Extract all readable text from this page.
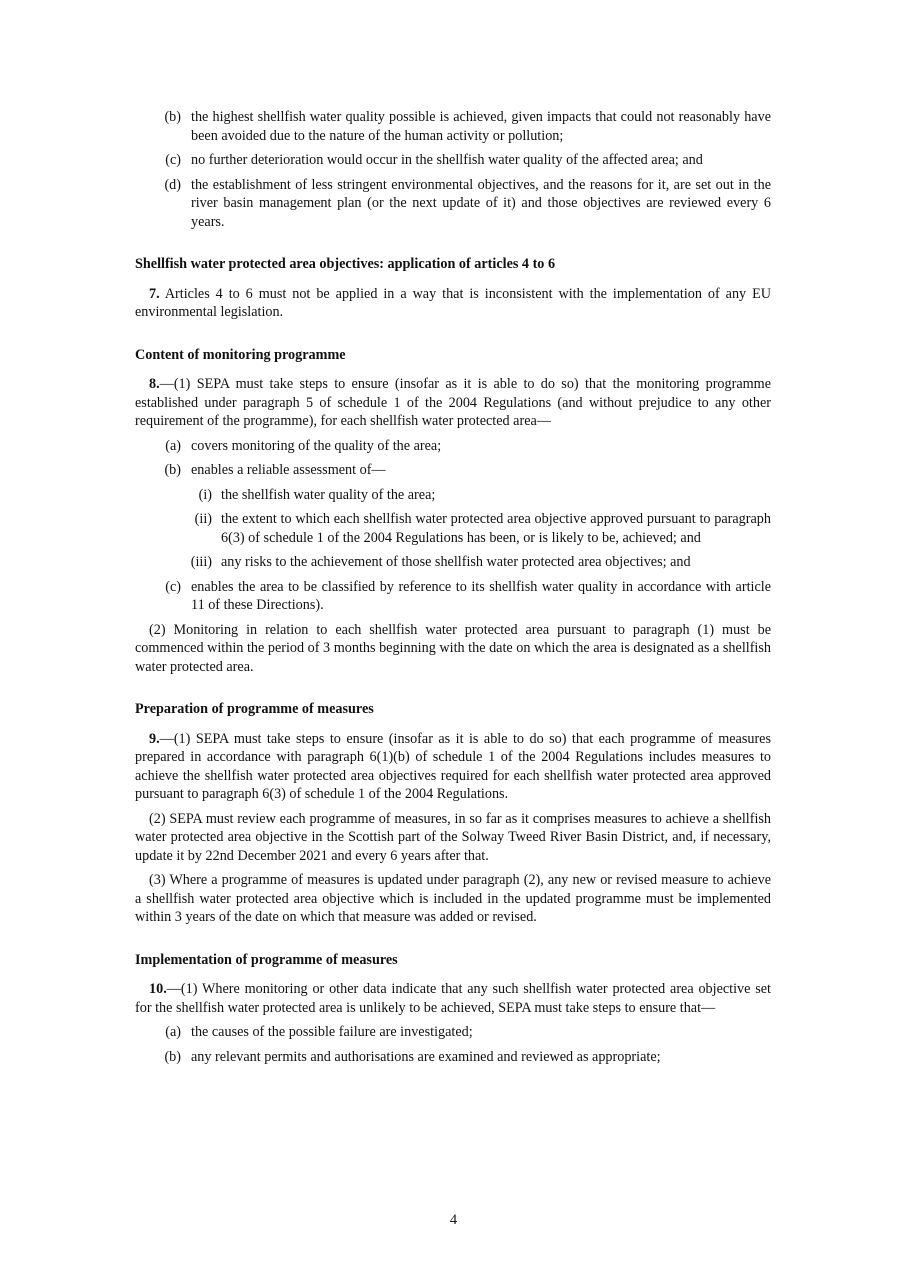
(b) the highest shellfish water quality possible is achieved, given impacts that could not reasonably have been avoided due to the nature of the human activity or pollution;
(c) no further deterioration would occur in the shellfish water quality of the affected area; and
(d) the establishment of less stringent environmental objectives, and the reasons for it, are set out in the river basin management plan (or the next update of it) and those objectives are reviewed every 6 years.

Shellfish water protected area objectives: application of articles 4 to 6

7. Articles 4 to 6 must not be applied in a way that is inconsistent with the implementation of any EU environmental legislation.

Content of monitoring programme

8.—(1) SEPA must take steps to ensure (insofar as it is able to do so) that the monitoring programme established under paragraph 5 of schedule 1 of the 2004 Regulations (and without prejudice to any other requirement of the programme), for each shellfish water protected area—

(a) covers monitoring of the quality of the area;
(b) enables a reliable assessment of—
(i) the shellfish water quality of the area;
(ii) the extent to which each shellfish water protected area objective approved pursuant to paragraph 6(3) of schedule 1 of the 2004 Regulations has been, or is likely to be, achieved; and
(iii) any risks to the achievement of those shellfish water protected area objectives; and
(c) enables the area to be classified by reference to its shellfish water quality in accordance with article 11 of these Directions).

(2) Monitoring in relation to each shellfish water protected area pursuant to paragraph (1) must be commenced within the period of 3 months beginning with the date on which the area is designated as a shellfish water protected area.

Preparation of programme of measures

9.—(1) SEPA must take steps to ensure (insofar as it is able to do so) that each programme of measures prepared in accordance with paragraph 6(1)(b) of schedule 1 of the 2004 Regulations includes measures to achieve the shellfish water protected area objectives required for each shellfish water protected area approved pursuant to paragraph 6(3) of schedule 1 of the 2004 Regulations.

(2) SEPA must review each programme of measures, in so far as it comprises measures to achieve a shellfish water protected area objective in the Scottish part of the Solway Tweed River Basin District, and, if necessary, update it by 22nd December 2021 and every 6 years after that.

(3) Where a programme of measures is updated under paragraph (2), any new or revised measure to achieve a shellfish water protected area objective which is included in the updated programme must be implemented within 3 years of the date on which that measure was added or revised.

Implementation of programme of measures

10.—(1) Where monitoring or other data indicate that any such shellfish water protected area objective set for the shellfish water protected area is unlikely to be achieved, SEPA must take steps to ensure that—

(a) the causes of the possible failure are investigated;
(b) any relevant permits and authorisations are examined and reviewed as appropriate;
4
